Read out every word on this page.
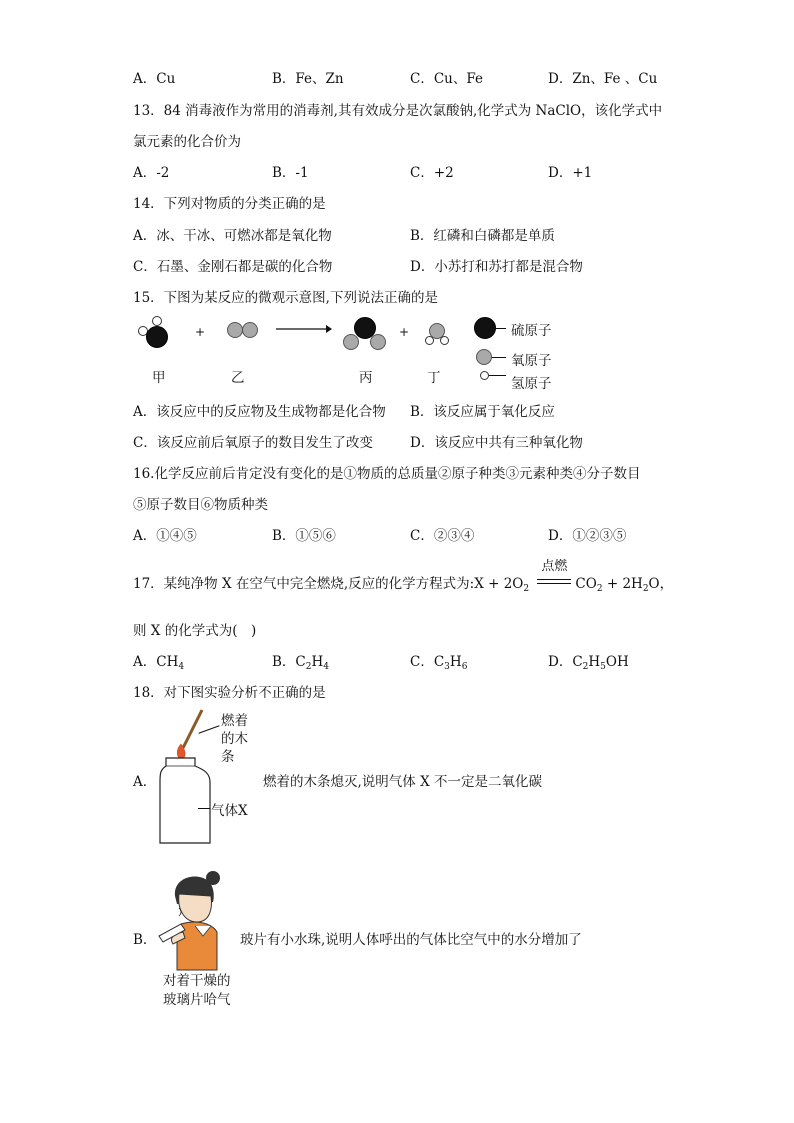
A．Cu	B．Fe、Zn	C．Cu、Fe	D．Zn、Fe 、Cu
13．84 消毒液作为常用的消毒剂,其有效成分是次氯酸钠,化学式为 NaClO，该化学式中
氯元素的化合价为
A．-2	B．-1	C．+2	D．+1
14．下列对物质的分类正确的是
A．冰、干冰、可燃冰都是氧化物	B．红磷和白磷都是单质
C．石墨、金刚石都是碳的化合物	D．小苏打和苏打都是混合物
15．下图为某反应的微观示意图,下列说法正确的是
甲
+
乙	丙
+
丁
硫原子
氧原子
氢原子
A．该反应中的反应物及生成物都是化合物 B．该反应属于氧化反应
C．该反应前后氧原子的数目发生了改变	D．该反应中共有三种氧化物
16.化学反应前后肯定没有变化的是①物质的总质量②原子种类③元素种类④分子数目
⑤原子数目⑥物质种类
A．①④⑤	B．①⑤⑥	C．②③④	D．①②③⑤
17．某纯净物 X 在空气中完全燃烧,反应的化学方程式为:X + $2O_2$
点燃
$CO_2 + 2H_2O$，
则 X 的化学式为(　)
A．$CH_4$	B．$C_2H_4$	C．$C_3H_6$	D．$C_2H_5OH$
18．对下图实验分析不正确的是
A．
燃着
的木
条
气体X
燃着的木条熄灭,说明气体 X 不一定是二氧化碳
B．
对着干燥的
玻璃片哈气
玻片有小水珠,说明人体呼出的气体比空气中的水分增加了
